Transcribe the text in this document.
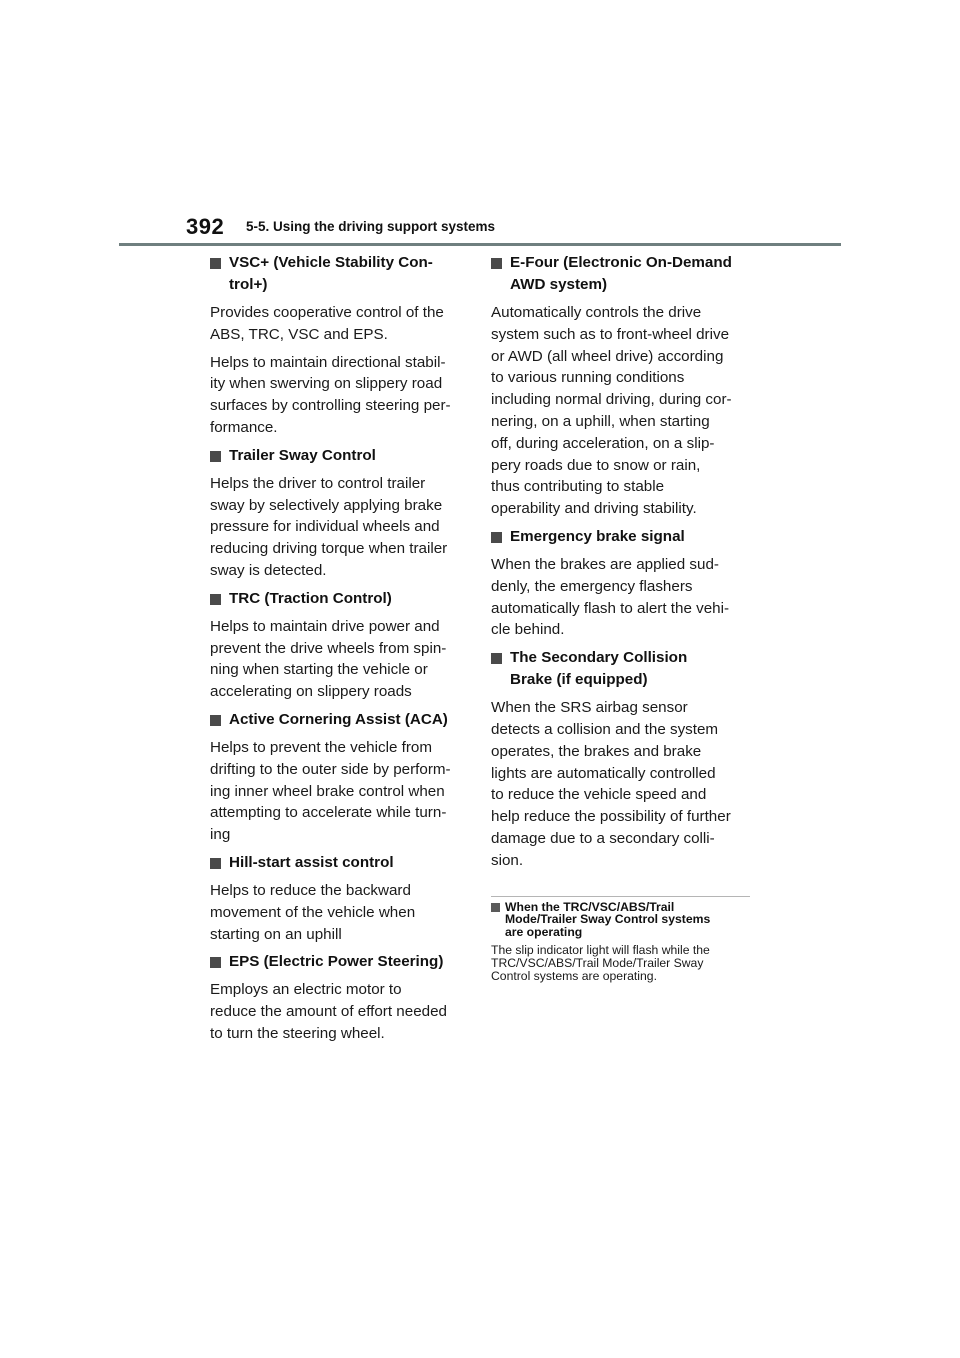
392 5-5. Using the driving support systems
VSC+ (Vehicle Stability Con-
trol+)
Provides cooperative control of the
ABS, TRC, VSC and EPS.
Helps to maintain directional stabil-
ity when swerving on slippery road
surfaces by controlling steering per-
formance.
Trailer Sway Control
Helps the driver to control trailer
sway by selectively applying brake
pressure for individual wheels and
reducing driving torque when trailer
sway is detected.
TRC (Traction Control)
Helps to maintain drive power and
prevent the drive wheels from spin-
ning when starting the vehicle or
accelerating on slippery roads
Active Cornering Assist (ACA)
Helps to prevent the vehicle from
drifting to the outer side by perform-
ing inner wheel brake control when
attempting to accelerate while turn-
ing
Hill-start assist control
Helps to reduce the backward
movement of the vehicle when
starting on an uphill
EPS (Electric Power Steering)
Employs an electric motor to
reduce the amount of effort needed
to turn the steering wheel.
E-Four (Electronic On-Demand
AWD system)
Automatically controls the drive
system such as to front-wheel drive
or AWD (all wheel drive) according
to various running conditions
including normal driving, during cor-
nering, on a uphill, when starting
off, during acceleration, on a slip-
pery roads due to snow or rain,
thus contributing to stable
operability and driving stability.
Emergency brake signal
When the brakes are applied sud-
denly, the emergency flashers
automatically flash to alert the vehi-
cle behind.
The Secondary Collision
Brake (if equipped)
When the SRS airbag sensor
detects a collision and the system
operates, the brakes and brake
lights are automatically controlled
to reduce the vehicle speed and
help reduce the possibility of further
damage due to a secondary colli-
sion.
When the TRC/VSC/ABS/Trail
Mode/Trailer Sway Control systems
are operating
The slip indicator light will flash while the
TRC/VSC/ABS/Trail Mode/Trailer Sway
Control systems are operating.
